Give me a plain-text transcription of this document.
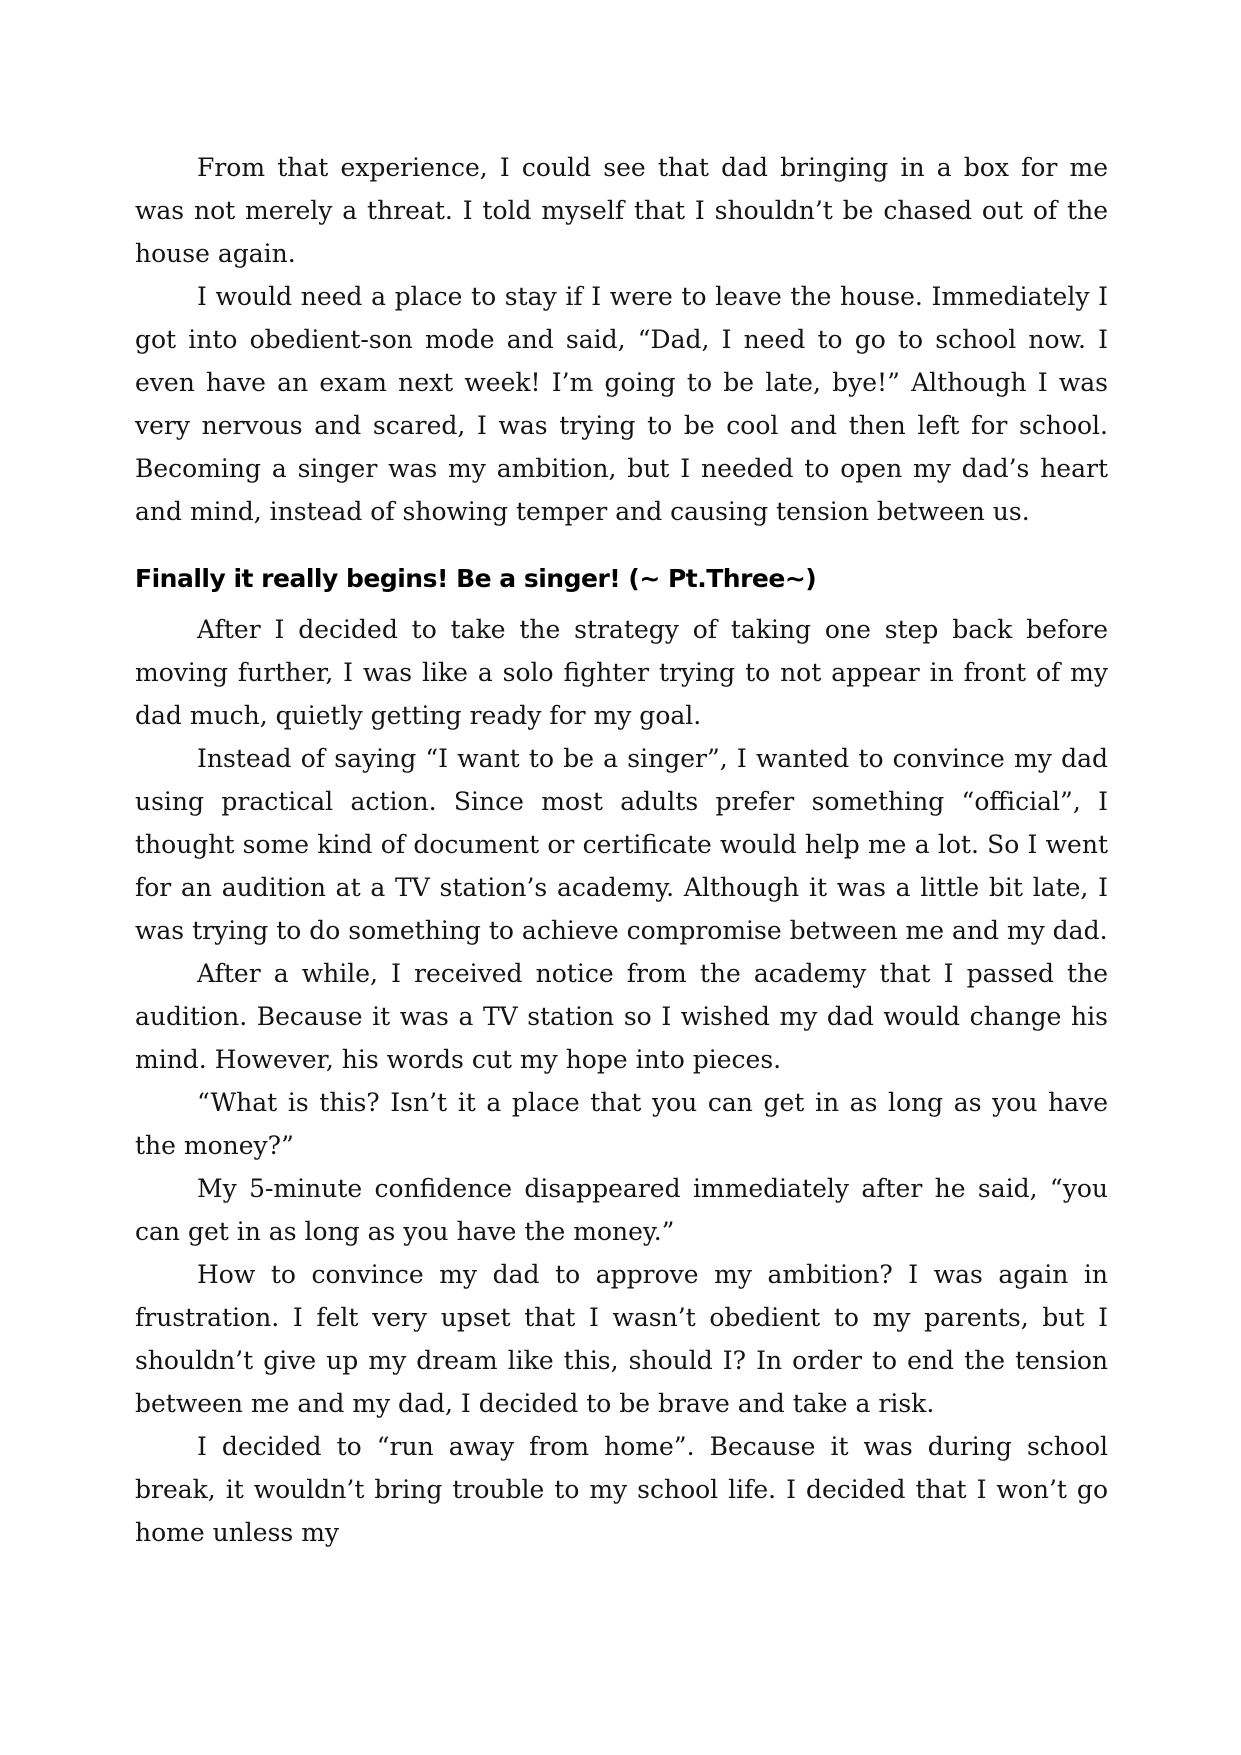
From that experience, I could see that dad bringing in a box for me was not merely a threat. I told myself that I shouldn’t be chased out of the house again.

I would need a place to stay if I were to leave the house. Immediately I got into obedient-son mode and said, “Dad, I need to go to school now. I even have an exam next week! I’m going to be late, bye!” Although I was very nervous and scared, I was trying to be cool and then left for school. Becoming a singer was my ambition, but I needed to open my dad’s heart and mind, instead of showing temper and causing tension between us.

Finally it really begins! Be a singer! (~ Pt.Three~)

After I decided to take the strategy of taking one step back before moving further, I was like a solo fighter trying to not appear in front of my dad much, quietly getting ready for my goal.

Instead of saying “I want to be a singer”, I wanted to convince my dad using practical action. Since most adults prefer something “official”, I thought some kind of document or certificate would help me a lot. So I went for an audition at a TV station’s academy. Although it was a little bit late, I was trying to do something to achieve compromise between me and my dad.

After a while, I received notice from the academy that I passed the audition. Because it was a TV station so I wished my dad would change his mind. However, his words cut my hope into pieces.

“What is this? Isn’t it a place that you can get in as long as you have the money?”

My 5-minute confidence disappeared immediately after he said, “you can get in as long as you have the money.”

How to convince my dad to approve my ambition? I was again in frustration. I felt very upset that I wasn’t obedient to my parents, but I shouldn’t give up my dream like this, should I? In order to end the tension between me and my dad, I decided to be brave and take a risk.

I decided to “run away from home”. Because it was during school break, it wouldn’t bring trouble to my school life. I decided that I won’t go home unless my
